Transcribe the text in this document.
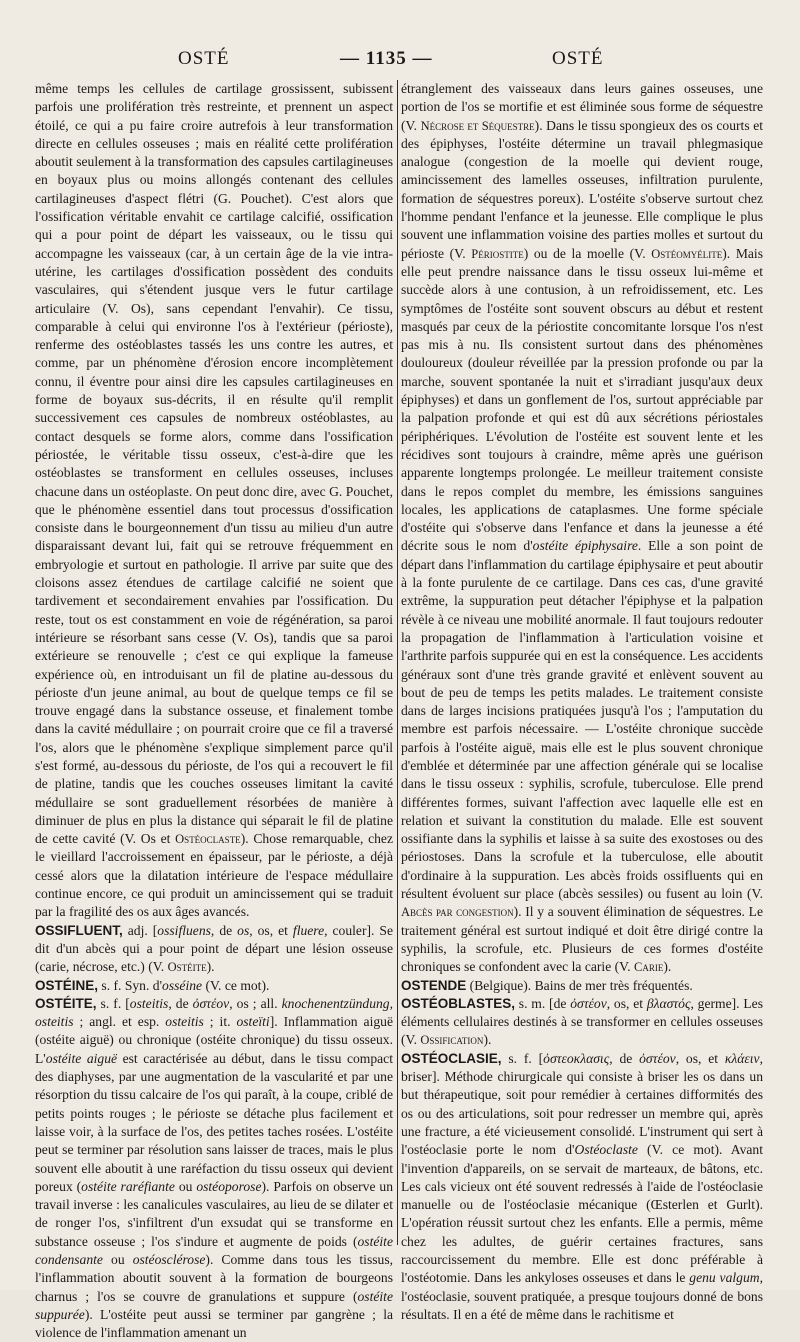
OSTÉ	— 1135 —	OSTÉ

même temps les cellules de cartilage grossissent, subissent parfois une prolifération très restreinte, et prennent un aspect étoilé, ce qui a pu faire croire autrefois à leur transformation directe en cellules osseuses ; mais en réalité cette prolifération aboutit seulement à la transformation des capsules cartilagineuses en boyaux plus ou moins allongés contenant des cellules cartilagineuses d'aspect flétri (G. Pouchet). C'est alors que l'ossification véritable envahit ce cartilage calcifié, ossification qui a pour point de départ les vaisseaux, ou le tissu qui accompagne les vaisseaux (car, à un certain âge de la vie intra-utérine, les cartilages d'ossification possèdent des conduits vasculaires, qui s'étendent jusque vers le futur cartilage articulaire (V. Os), sans cependant l'envahir). Ce tissu, comparable à celui qui environne l'os à l'extérieur (périoste), renferme des ostéoblastes tassés les uns contre les autres, et comme, par un phénomène d'érosion encore incomplètement connu, il éventre pour ainsi dire les capsules cartilagineuses en forme de boyaux sus-décrits, il en résulte qu'il remplit successivement ces capsules de nombreux ostéoblastes, au contact desquels se forme alors, comme dans l'ossification périostée, le véritable tissu osseux, c'est-à-dire que les ostéoblastes se transforment en cellules osseuses, incluses chacune dans un ostéoplaste. On peut donc dire, avec G. Pouchet, que le phénomène essentiel dans tout processus d'ossification consiste dans le bourgeonnement d'un tissu au milieu d'un autre disparaissant devant lui, fait qui se retrouve fréquemment en embryologie et surtout en pathologie. Il arrive par suite que des cloisons assez étendues de cartilage calcifié ne soient que tardivement et secondairement envahies par l'ossification. Du reste, tout os est constamment en voie de régénération, sa paroi intérieure se résorbant sans cesse (V. Os), tandis que sa paroi extérieure se renouvelle ; c'est ce qui explique la fameuse expérience où, en introduisant un fil de platine au-dessous du périoste d'un jeune animal, au bout de quelque temps ce fil se trouve engagé dans la substance osseuse, et finalement tombe dans la cavité médullaire ; on pourrait croire que ce fil a traversé l'os, alors que le phénomène s'explique simplement parce qu'il s'est formé, au-dessous du périoste, de l'os qui a recouvert le fil de platine, tandis que les couches osseuses limitant la cavité médullaire se sont graduellement résorbées de manière à diminuer de plus en plus la distance qui séparait le fil de platine de cette cavité (V. Os et Ostéoclaste). Chose remarquable, chez le vieillard l'accroissement en épaisseur, par le périoste, a déjà cessé alors que la dilatation intérieure de l'espace médullaire continue encore, ce qui produit un amincissement qui se traduit par la fragilité des os aux âges avancés.

OSSIFLUENT, adj. [ossifluens, de os, os, et fluere, couler]. Se dit d'un abcès qui a pour point de départ une lésion osseuse (carie, nécrose, etc.) (V. Ostéite).

OSTÉINE, s. f. Syn. d'osséine (V. ce mot).

OSTÉITE, s. f. [osteitis, de ὀστέον, os ; all. knochenentzündung, osteitis ; angl. et esp. osteitis ; it. osteïti]. Inflammation aiguë (ostéite aiguë) ou chronique (ostéite chronique) du tissu osseux. L'ostéite aiguë est caractérisée au début, dans le tissu compact des diaphyses, par une augmentation de la vascularité et par une résorption du tissu calcaire de l'os qui paraît, à la coupe, criblé de petits points rouges ; le périoste se détache plus facilement et laisse voir, à la surface de l'os, des petites taches rosées. L'ostéite peut se terminer par résolution sans laisser de traces, mais le plus souvent elle aboutit à une raréfaction du tissu osseux qui devient poreux (ostéite raréfiante ou ostéoporose). Parfois on observe un travail inverse : les canalicules vasculaires, au lieu de se dilater et de ronger l'os, s'infiltrent d'un exsudat qui se transforme en substance osseuse ; l'os s'indure et augmente de poids (ostéite condensante ou ostéosclérose). Comme dans tous les tissus, l'inflammation aboutit souvent à la formation de bourgeons charnus ; l'os se couvre de granulations et suppure (ostéite suppurée). L'ostéite peut aussi se terminer par gangrène ; la violence de l'inflammation amenant un

étranglement des vaisseaux dans leurs gaines osseuses, une portion de l'os se mortifie et est éliminée sous forme de séquestre (V. Nécrose et Séquestre). Dans le tissu spongieux des os courts et des épiphyses, l'ostéite détermine un travail phlegmasique analogue (congestion de la moelle qui devient rouge, amincissement des lamelles osseuses, infiltration purulente, formation de séquestres poreux). L'ostéite s'observe surtout chez l'homme pendant l'enfance et la jeunesse. Elle complique le plus souvent une inflammation voisine des parties molles et surtout du périoste (V. Périostite) ou de la moelle (V. Ostéomyélite). Mais elle peut prendre naissance dans le tissu osseux lui-même et succède alors à une contusion, à un refroidissement, etc. Les symptômes de l'ostéite sont souvent obscurs au début et restent masqués par ceux de la périostite concomitante lorsque l'os n'est pas mis à nu. Ils consistent surtout dans des phénomènes douloureux (douleur réveillée par la pression profonde ou par la marche, souvent spontanée la nuit et s'irradiant jusqu'aux deux épiphyses) et dans un gonflement de l'os, surtout appréciable par la palpation profonde et qui est dû aux sécrétions périostales périphériques. L'évolution de l'ostéite est souvent lente et les récidives sont toujours à craindre, même après une guérison apparente longtemps prolongée. Le meilleur traitement consiste dans le repos complet du membre, les émissions sanguines locales, les applications de cataplasmes. Une forme spéciale d'ostéite qui s'observe dans l'enfance et dans la jeunesse a été décrite sous le nom d'ostéite épiphysaire. Elle a son point de départ dans l'inflammation du cartilage épiphysaire et peut aboutir à la fonte purulente de ce cartilage. Dans ces cas, d'une gravité extrême, la suppuration peut détacher l'épiphyse et la palpation révèle à ce niveau une mobilité anormale. Il faut toujours redouter la propagation de l'inflammation à l'articulation voisine et l'arthrite parfois suppurée qui en est la conséquence. Les accidents généraux sont d'une très grande gravité et enlèvent souvent au bout de peu de temps les petits malades. Le traitement consiste dans de larges incisions pratiquées jusqu'à l'os ; l'amputation du membre est parfois nécessaire. — L'ostéite chronique succède parfois à l'ostéite aiguë, mais elle est le plus souvent chronique d'emblée et déterminée par une affection générale qui se localise dans le tissu osseux : syphilis, scrofule, tuberculose. Elle prend différentes formes, suivant l'affection avec laquelle elle est en relation et suivant la constitution du malade. Elle est souvent ossifiante dans la syphilis et laisse à sa suite des exostoses ou des périostoses. Dans la scrofule et la tuberculose, elle aboutit d'ordinaire à la suppuration. Les abcès froids ossifluents qui en résultent évoluent sur place (abcès sessiles) ou fusent au loin (V. Abcès par congestion). Il y a souvent élimination de séquestres. Le traitement général est surtout indiqué et doit être dirigé contre la syphilis, la scrofule, etc. Plusieurs de ces formes d'ostéite chroniques se confondent avec la carie (V. Carie).

OSTENDE (Belgique). Bains de mer très fréquentés.

OSTÉOBLASTES, s. m. [de ὀστέον, os, et βλαστός, germe]. Les éléments cellulaires destinés à se transformer en cellules osseuses (V. Ossification).

OSTÉOCLASIE, s. f. [ὀστεοκλασις, de ὀστέον, os, et κλάειν, briser]. Méthode chirurgicale qui consiste à briser les os dans un but thérapeutique, soit pour remédier à certaines difformités des os ou des articulations, soit pour redresser un membre qui, après une fracture, a été vicieusement consolidé. L'instrument qui sert à l'ostéoclasie porte le nom d'Ostéoclaste (V. ce mot). Avant l'invention d'appareils, on se servait de marteaux, de bâtons, etc. Les cals vicieux ont été souvent redressés à l'aide de l'ostéoclasie manuelle ou de l'ostéoclasie mécanique (Œsterlen et Gurlt). L'opération réussit surtout chez les enfants. Elle a permis, même chez les adultes, de guérir certaines fractures, sans raccourcissement du membre. Elle est donc préférable à l'ostéotomie. Dans les ankyloses osseuses et dans le genu valgum, l'ostéoclasie, souvent pratiquée, a presque toujours donné de bons résultats. Il en a été de même dans le rachitisme et
